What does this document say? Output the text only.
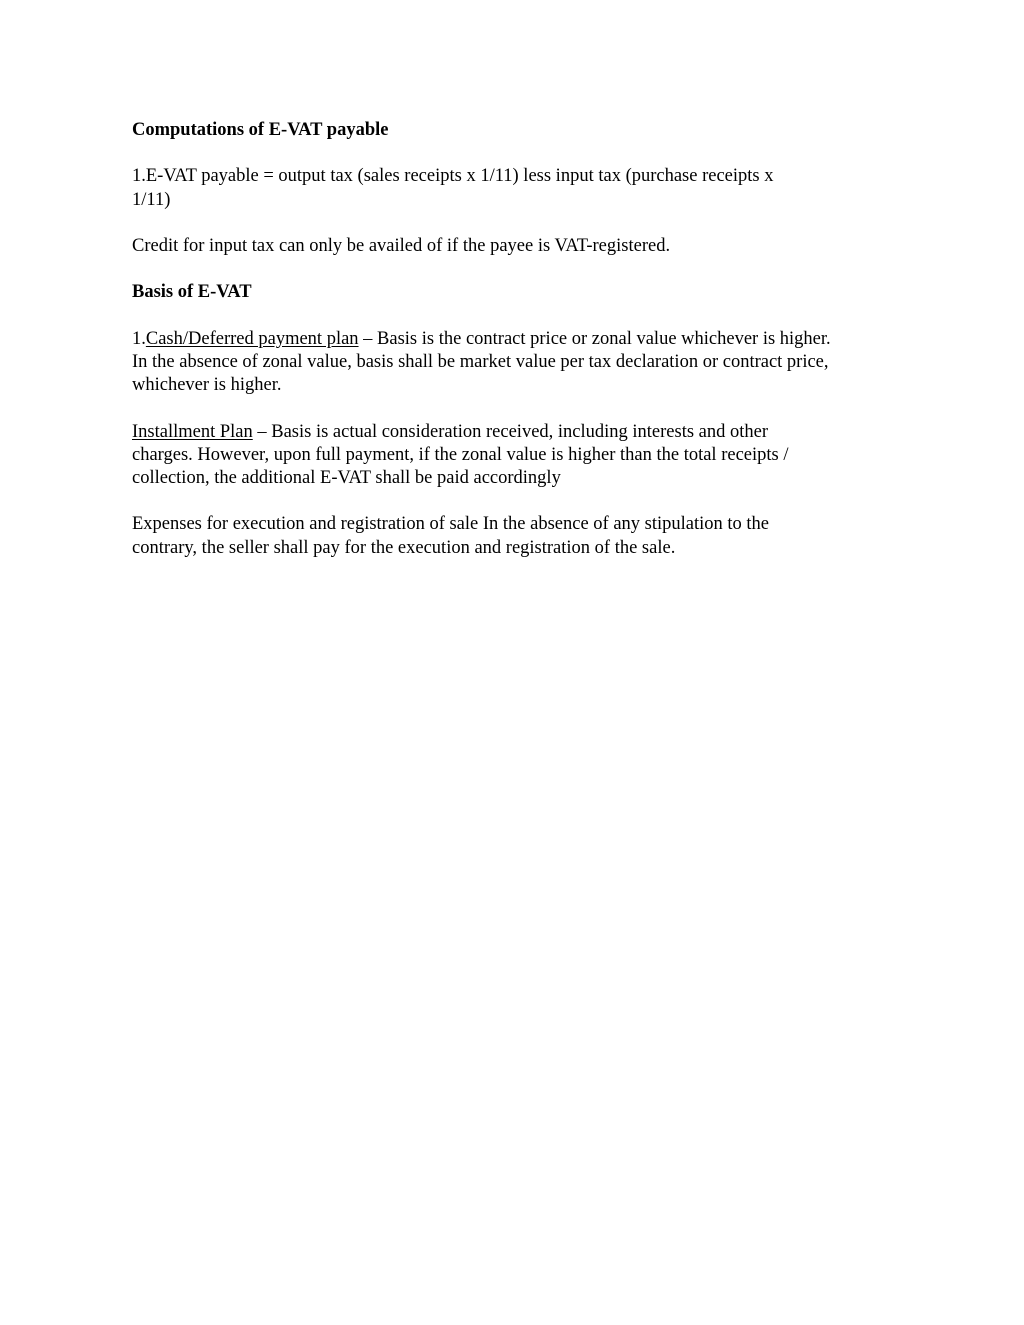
Computations of E-VAT payable

1.E-VAT payable = output tax (sales receipts x 1/11) less input tax (purchase receipts x
1/11)

Credit for input tax can only be availed of if the payee is VAT-registered.

Basis of E-VAT

1.Cash/Deferred payment plan – Basis is the contract price or zonal value whichever is higher.
In the absence of zonal value, basis shall be market value per tax declaration or contract price,
whichever is higher.

Installment Plan – Basis is actual consideration received, including interests and other
charges. However, upon full payment, if the zonal value is higher than the total receipts /
collection, the additional E-VAT shall be paid accordingly

Expenses for execution and registration of sale In the absence of any stipulation to the
contrary, the seller shall pay for the execution and registration of the sale.
